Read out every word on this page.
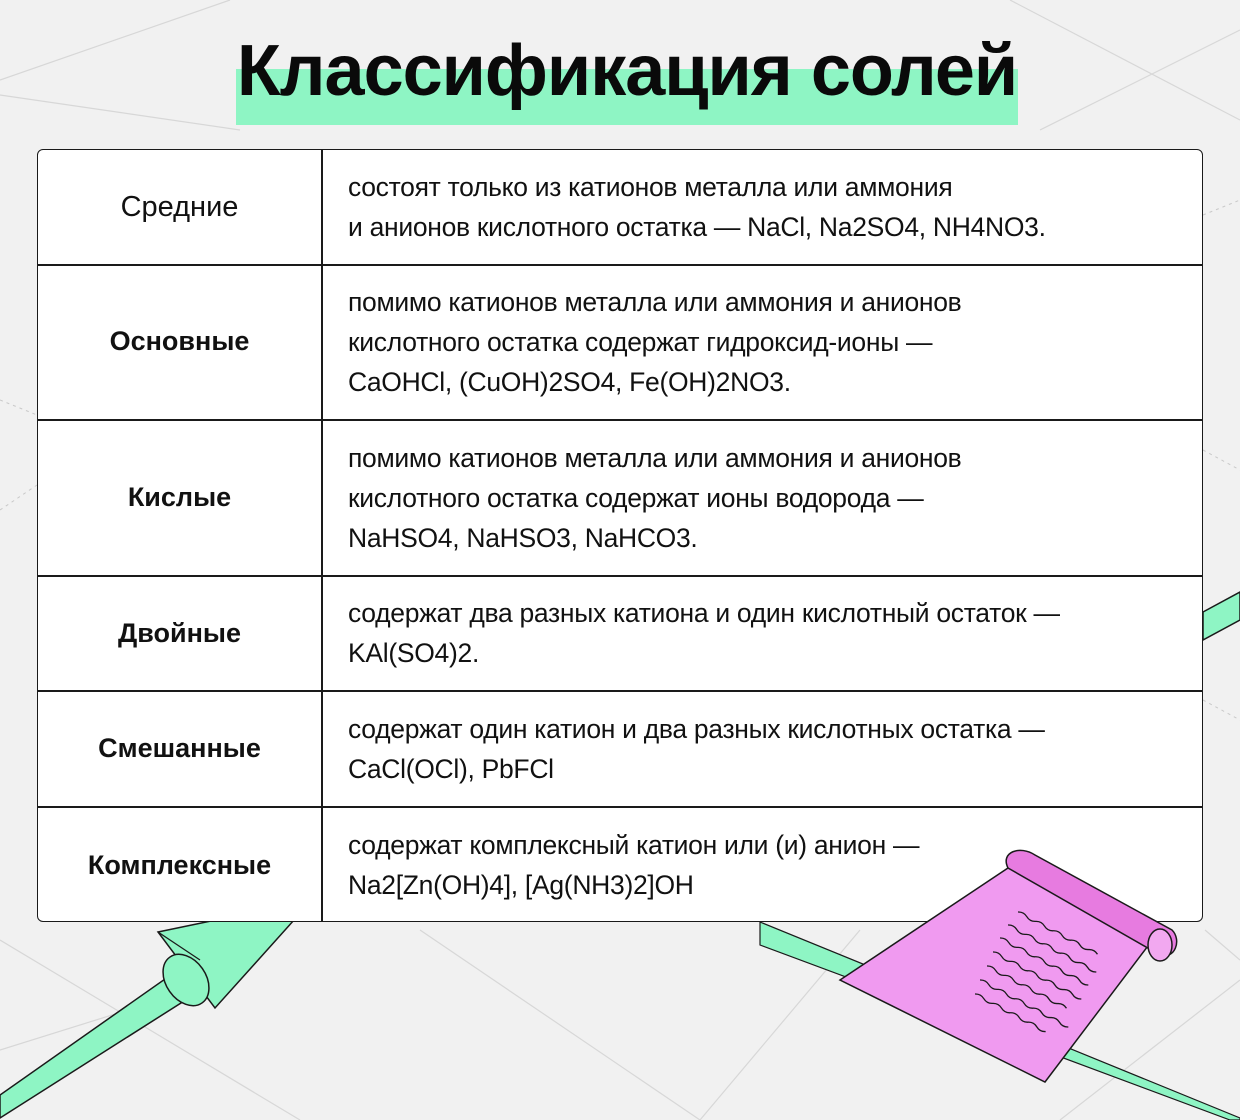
Классификация солей
Средние
состоят только из катионов металла или аммония
и анионов кислотного остатка — NaCl, Na2SO4, NH4NO3.
Основные
помимо катионов металла или аммония и анионов
кислотного остатка содержат гидроксид-ионы —
CaOHCl, (CuOH)2SO4, Fe(OH)2NO3.
Кислые
помимо катионов металла или аммония и анионов
кислотного остатка содержат ионы водорода —
NaHSO4, NaHSO3, NaHCO3.
Двойные
содержат два разных катиона и один кислотный остаток —
KAl(SO4)2.
Смешанные
содержат один катион и два разных кислотных остатка —
CaCl(OCl), PbFCl
Комплексные
содержат комплексный катион или (и) анион —
Na2[Zn(OH)4], [Ag(NH3)2]OH
